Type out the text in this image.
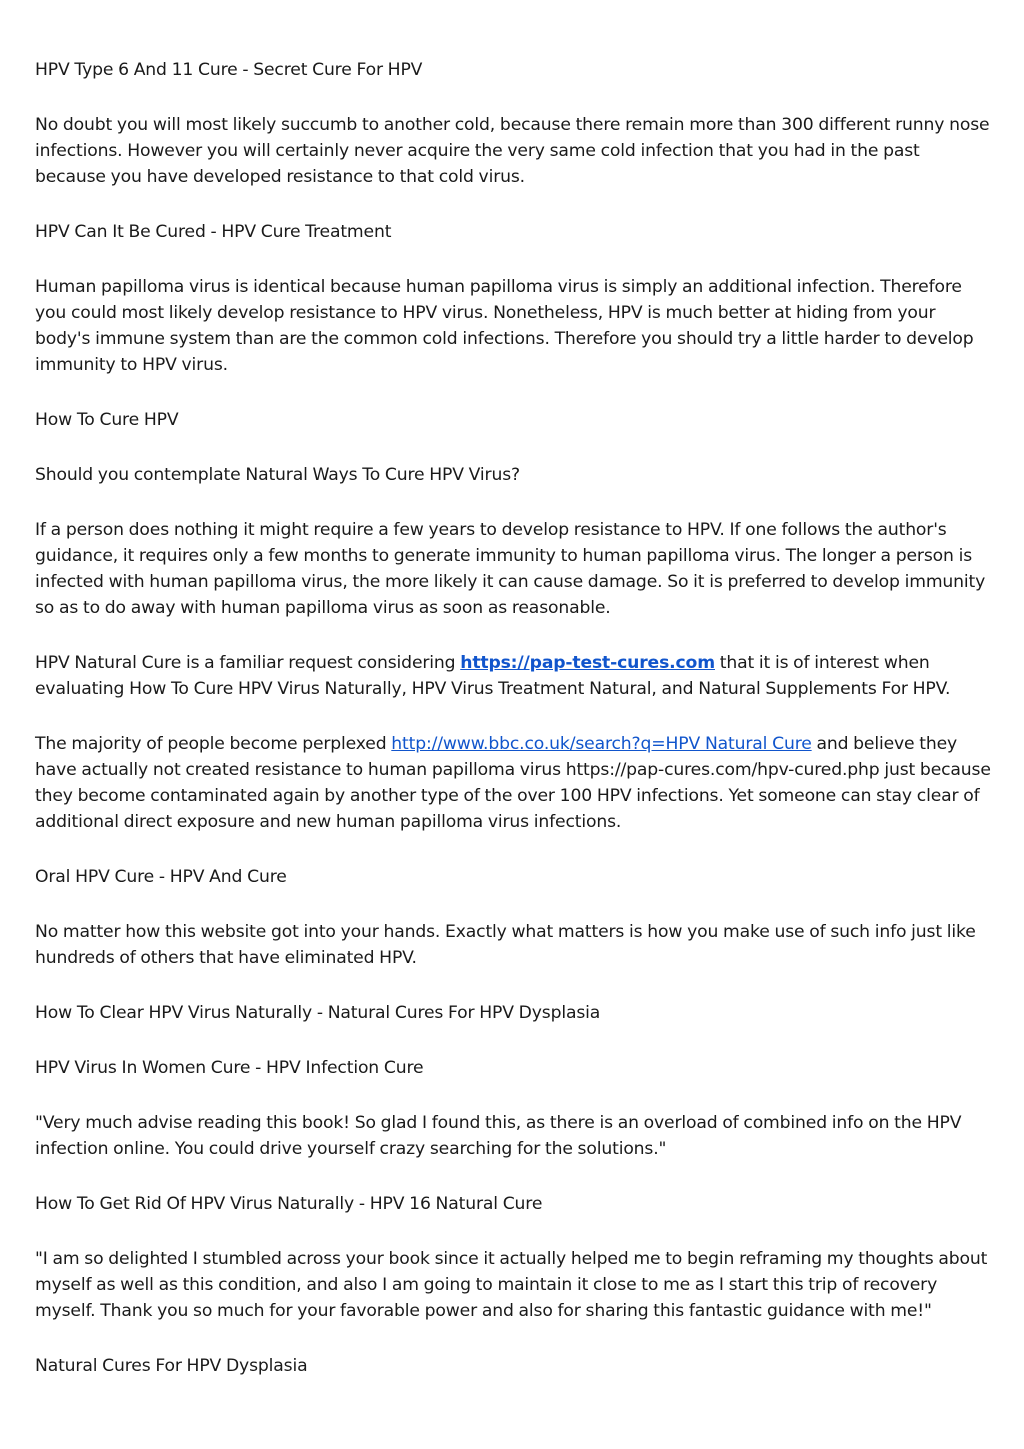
HPV Type 6 And 11 Cure - Secret Cure For HPV

No doubt you will most likely succumb to another cold, because there remain more than 300 different runny nose infections. However you will certainly never acquire the very same cold infection that you had in the past because you have developed resistance to that cold virus.

HPV Can It Be Cured - HPV Cure Treatment

Human papilloma virus is identical because human papilloma virus is simply an additional infection. Therefore you could most likely develop resistance to HPV virus. Nonetheless, HPV is much better at hiding from your body's immune system than are the common cold infections. Therefore you should try a little harder to develop immunity to HPV virus.

How To Cure HPV

Should you contemplate Natural Ways To Cure HPV Virus?

If a person does nothing it might require a few years to develop resistance to HPV. If one follows the author's guidance, it requires only a few months to generate immunity to human papilloma virus. The longer a person is infected with human papilloma virus, the more likely it can cause damage. So it is preferred to develop immunity so as to do away with human papilloma virus as soon as reasonable.

HPV Natural Cure is a familiar request considering https://pap-test-cures.com that it is of interest when evaluating How To Cure HPV Virus Naturally, HPV Virus Treatment Natural, and Natural Supplements For HPV.

The majority of people become perplexed http://www.bbc.co.uk/search?q=HPV Natural Cure and believe they have actually not created resistance to human papilloma virus https://pap-cures.com/hpv-cured.php just because they become contaminated again by another type of the over 100 HPV infections. Yet someone can stay clear of additional direct exposure and new human papilloma virus infections.

Oral HPV Cure - HPV And Cure

No matter how this website got into your hands. Exactly what matters is how you make use of such info just like hundreds of others that have eliminated HPV.

How To Clear HPV Virus Naturally - Natural Cures For HPV Dysplasia

HPV Virus In Women Cure - HPV Infection Cure

"Very much advise reading this book! So glad I found this, as there is an overload of combined info on the HPV infection online. You could drive yourself crazy searching for the solutions."

How To Get Rid Of HPV Virus Naturally - HPV 16 Natural Cure

"I am so delighted I stumbled across your book since it actually helped me to begin reframing my thoughts about myself as well as this condition, and also I am going to maintain it close to me as I start this trip of recovery myself. Thank you so much for your favorable power and also for sharing this fantastic guidance with me!"

Natural Cures For HPV Dysplasia
